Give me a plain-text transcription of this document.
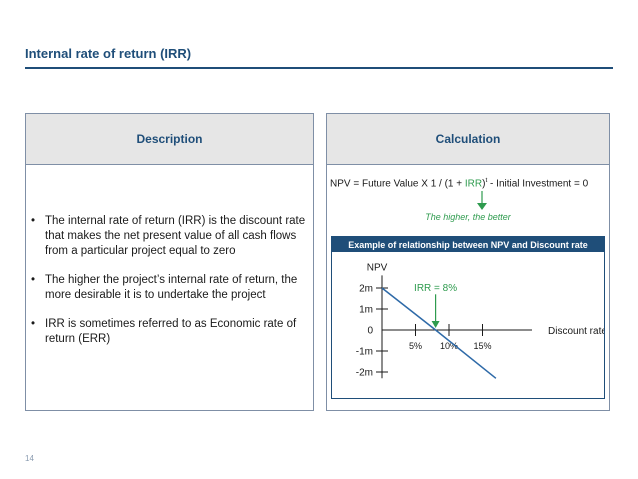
Internal rate of return (IRR)
Description
• The internal rate of return (IRR) is the discount rate that makes the net present value of all cash flows from a particular project equal to zero
• The higher the project’s internal rate of return, the more desirable it is to undertake the project
• IRR is sometimes referred to as Economic rate of return (ERR)
Calculation
NPV = Future Value X 1 / (1 + IRR)$^t$ - Initial Investment = 0
The higher, the better
Example of relationship between NPV and Discount rate
NPV
2m
1m
0
-1m
-2m
5% 10% 15%
Discount rate
IRR = 8%
14
